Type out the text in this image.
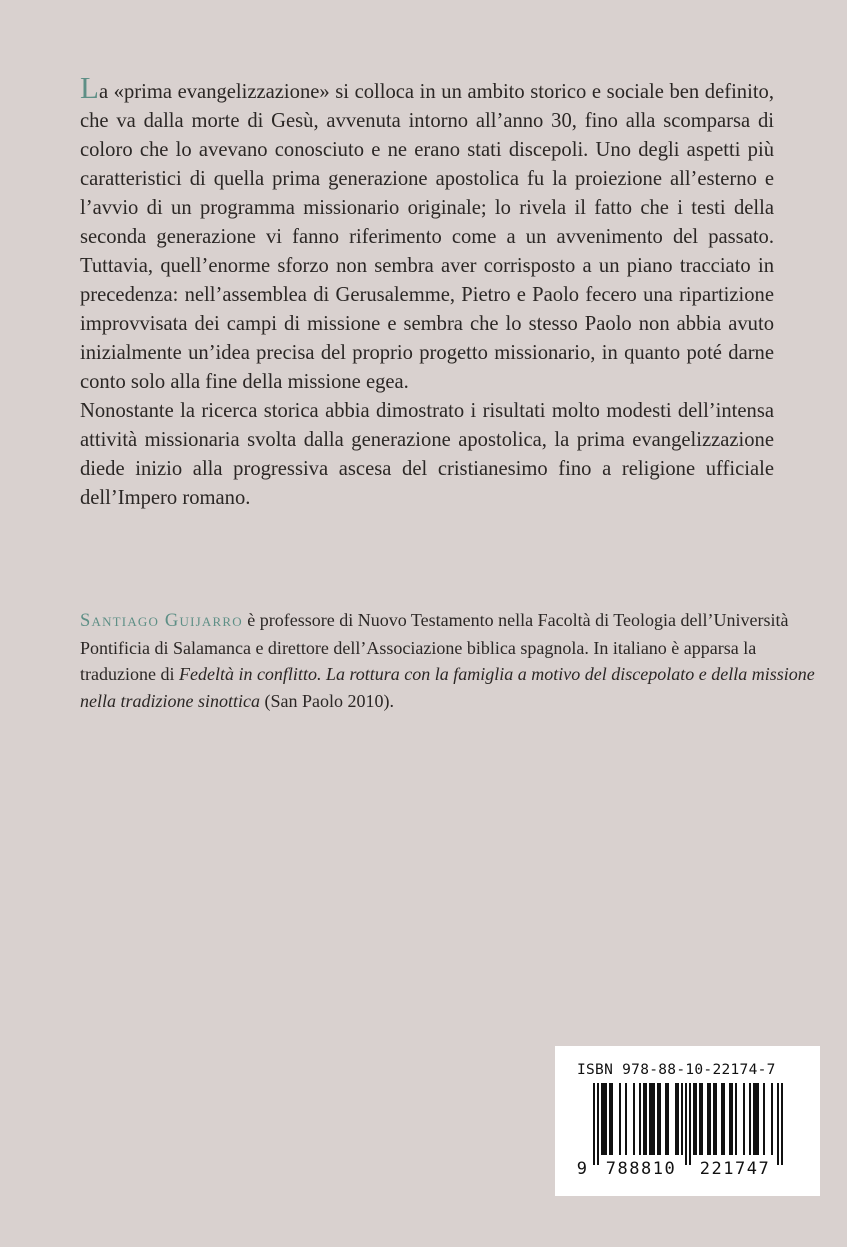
La «prima evangelizzazione» si colloca in un ambito storico e sociale ben definito, che va dalla morte di Gesù, avvenuta intorno all’anno 30, fino alla scomparsa di coloro che lo avevano conosciuto e ne erano stati discepoli. Uno degli aspetti più caratteristici di quella prima generazione apostolica fu la proiezione all’esterno e l’avvio di un programma missionario originale; lo rivela il fatto che i testi della seconda generazione vi fanno riferimento come a un avvenimento del passato. Tuttavia, quell’enorme sforzo non sembra aver corrisposto a un piano tracciato in precedenza: nell’assemblea di Gerusalemme, Pietro e Paolo fecero una ripartizione improvvisata dei campi di missione e sembra che lo stesso Paolo non abbia avuto inizialmente un’idea precisa del proprio progetto missionario, in quanto poté darne conto solo alla fine della missione egea.

Nonostante la ricerca storica abbia dimostrato i risultati molto modesti dell’intensa attività missionaria svolta dalla generazione apostolica, la prima evangelizzazione diede inizio alla progressiva ascesa del cristianesimo fino a religione ufficiale dell’Impero romano.

Santiago Guijarro è professore di Nuovo Testamento nella Facoltà di Teologia dell’Università Pontificia di Salamanca e direttore dell’Associazione biblica spagnola. In italiano è apparsa la traduzione di Fedeltà in conflitto. La rottura con la famiglia a motivo del discepolato e della missione nella tradizione sinottica (San Paolo 2010).

ISBN 978-88-10-22174-7
9 788810 221747
